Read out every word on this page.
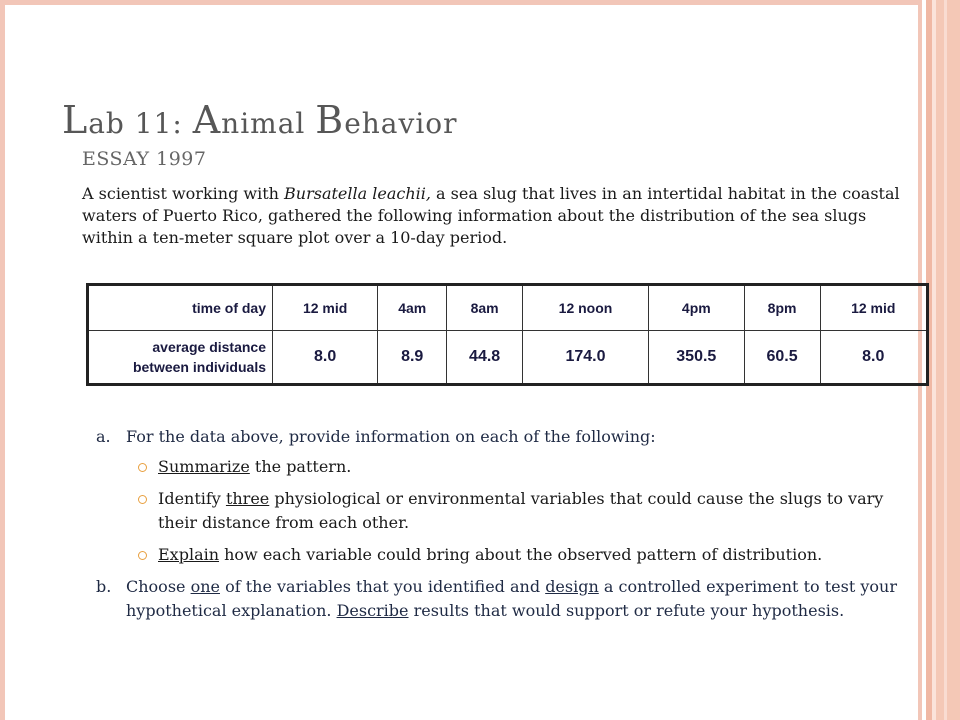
Lab 11: Animal Behavior
ESSAY 1997
A scientist working with Bursatella leachii, a sea slug that lives in an intertidal habitat in the coastal waters of Puerto Rico, gathered the following information about the distribution of the sea slugs within a ten-meter square plot over a 10-day period.
time of day	12 mid	4am	8am	12 noon	4pm	8pm	12 mid
average distance
between individuals	8.0	8.9	44.8	174.0	350.5	60.5	8.0
a. For the data above, provide information on each of the following:
Summarize the pattern.
Identify three physiological or environmental variables that could cause the slugs to vary their distance from each other.
Explain how each variable could bring about the observed pattern of distribution.
b. Choose one of the variables that you identified and design a controlled experiment to test your hypothetical explanation. Describe results that would support or refute your hypothesis.
